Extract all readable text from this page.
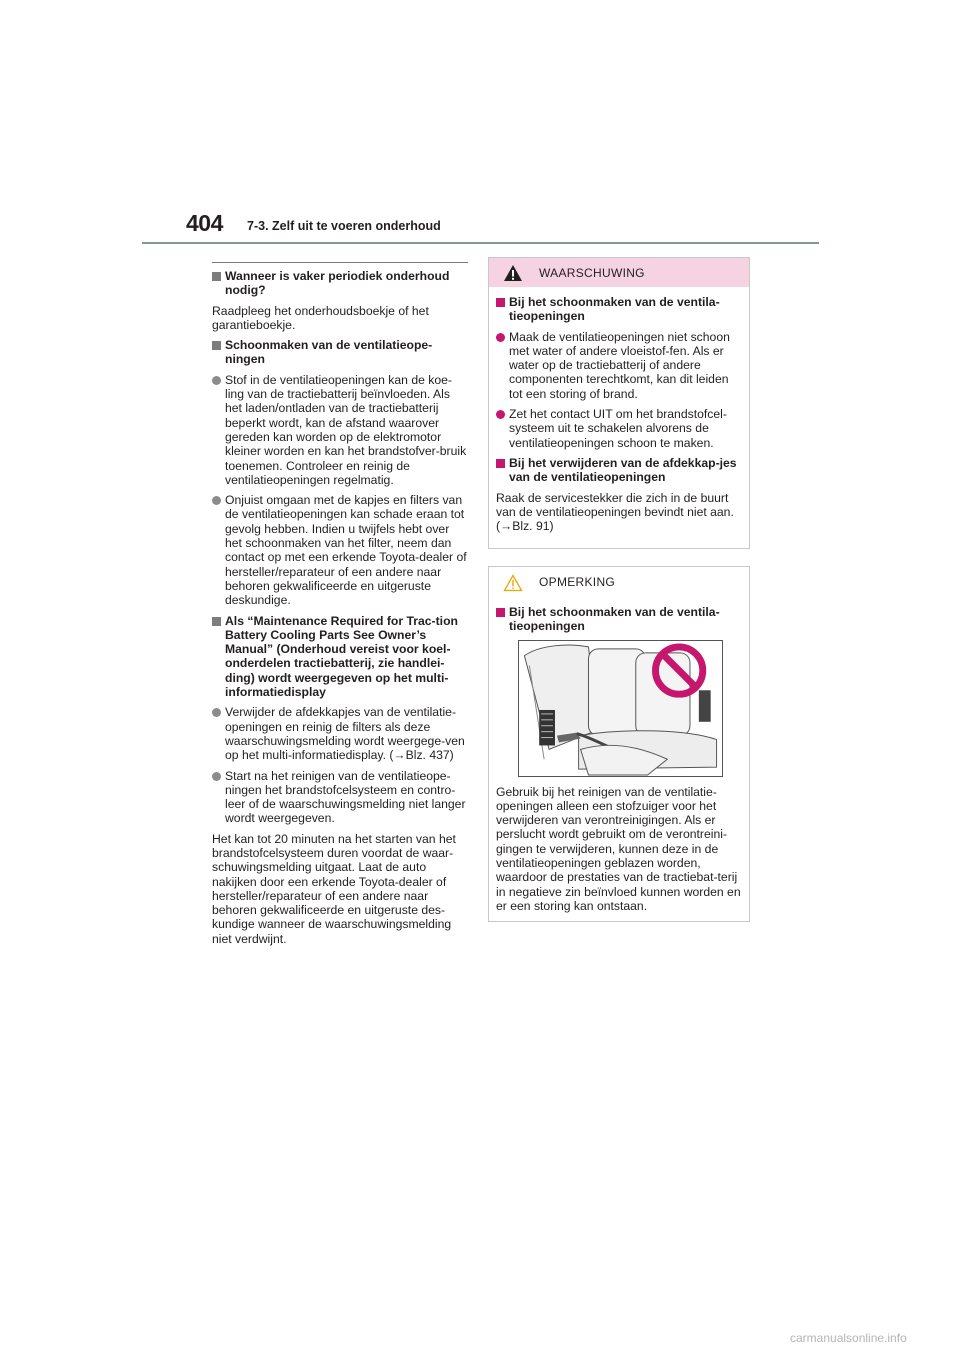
404 7-3. Zelf uit te voeren onderhoud
Wanneer is vaker periodiek onderhoud nodig?
Raadpleeg het onderhoudsboekje of het garantieboekje.
Schoonmaken van de ventilatieope-ningen
Stof in de ventilatieopeningen kan de koe-ling van de tractiebatterij beïnvloeden. Als het laden/ontladen van de tractiebatterij beperkt wordt, kan de afstand waarover gereden kan worden op de elektromotor kleiner worden en kan het brandstofver-bruik toenemen. Controleer en reinig de ventilatieopeningen regelmatig.
Onjuist omgaan met de kapjes en filters van de ventilatieopeningen kan schade eraan tot gevolg hebben. Indien u twijfels hebt over het schoonmaken van het filter, neem dan contact op met een erkende Toyota-dealer of hersteller/reparateur of een andere naar behoren gekwalificeerde en uitgeruste deskundige.
Als “Maintenance Required for Trac-tion Battery Cooling Parts See Owner’s Manual” (Onderhoud vereist voor koel-onderdelen tractiebatterij, zie handlei-ding) wordt weergegeven op het multi-informatiedisplay
Verwijder de afdekkapjes van de ventilatie-openingen en reinig de filters als deze waarschuwingsmelding wordt weergege-ven op het multi-informatiedisplay. (→Blz. 437)
Start na het reinigen van de ventilatieope-ningen het brandstofcelsysteem en contro-leer of de waarschuwingsmelding niet langer wordt weergegeven.
Het kan tot 20 minuten na het starten van het brandstofcelsysteem duren voordat de waar-schuwingsmelding uitgaat. Laat de auto nakijken door een erkende Toyota-dealer of hersteller/reparateur of een andere naar behoren gekwalificeerde en uitgeruste des-kundige wanneer de waarschuwingsmelding niet verdwijnt.
WAARSCHUWING
Bij het schoonmaken van de ventila-tieopeningen
Maak de ventilatieopeningen niet schoon met water of andere vloeistof-fen. Als er water op de tractiebatterij of andere componenten terechtkomt, kan dit leiden tot een storing of brand.
Zet het contact UIT om het brandstofcel-systeem uit te schakelen alvorens de ventilatieopeningen schoon te maken.
Bij het verwijderen van de afdekkap-jes van de ventilatieopeningen
Raak de servicestekker die zich in de buurt van de ventilatieopeningen bevindt niet aan. (→Blz. 91)
OPMERKING
Bij het schoonmaken van de ventila-tieopeningen
Gebruik bij het reinigen van de ventilatie-openingen alleen een stofzuiger voor het verwijderen van verontreinigingen. Als er perslucht wordt gebruikt om de verontreini-gingen te verwijderen, kunnen deze in de ventilatieopeningen geblazen worden, waardoor de prestaties van de tractiebat-terij in negatieve zin beïnvloed kunnen worden en er een storing kan ontstaan.
carmanualsonline.info
